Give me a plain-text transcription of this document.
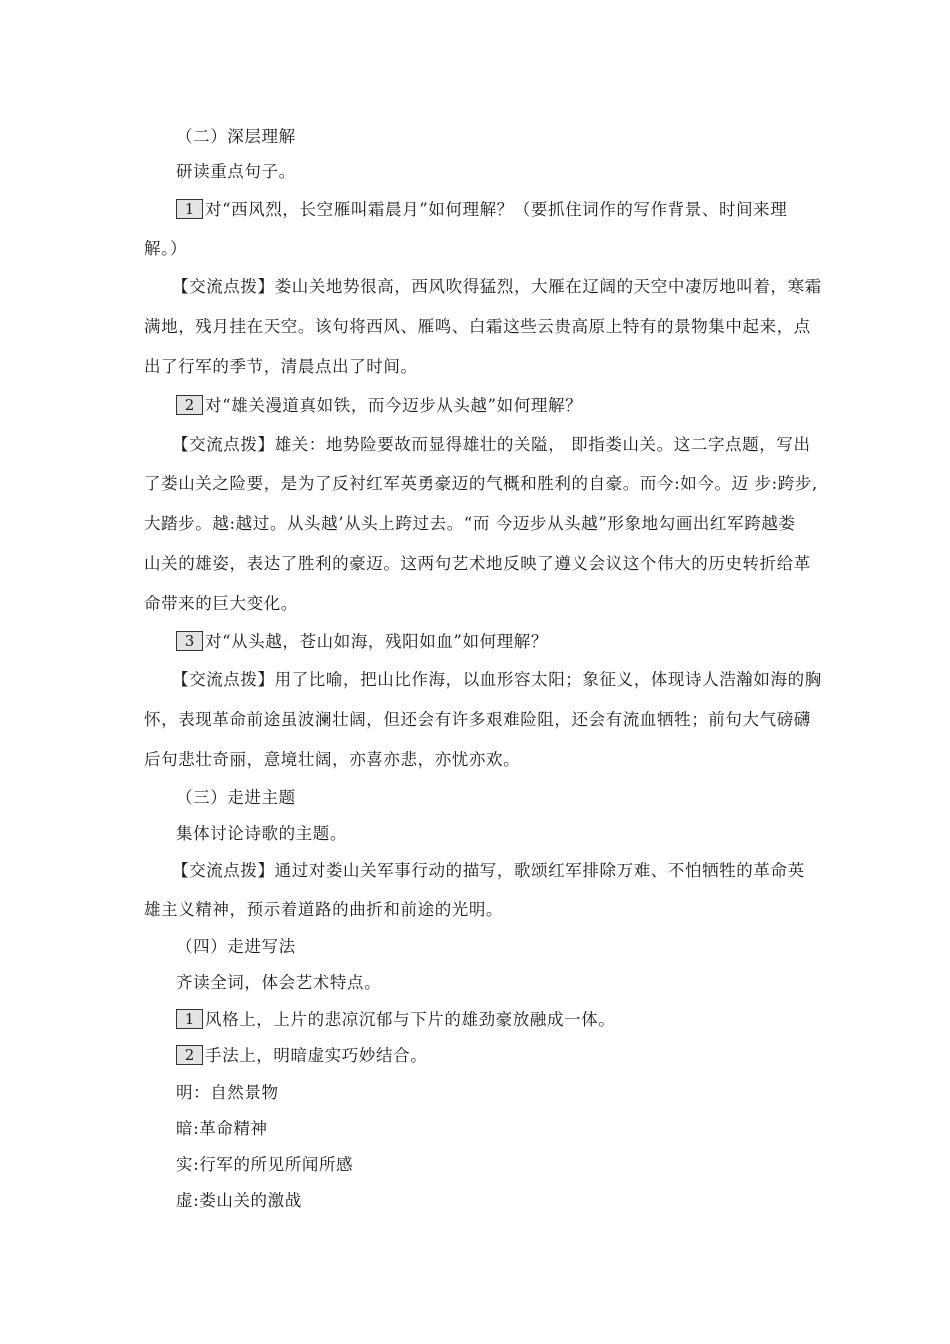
（二）深层理解
研读重点句子。
1 对“西风烈，长空雁叫霜晨月”如何理解？（要抓住词作的写作背景、时间来理
解。）
【交流点拨】娄山关地势很高，西风吹得猛烈，大雁在辽阔的天空中凄厉地叫着，寒霜
满地，残月挂在天空。该句将西风、雁鸣、白霜这些云贵高原上特有的景物集中起来，点
出了行军的季节，清晨点出了时间。
2 对“雄关漫道真如铁，而今迈步从头越”如何理解？
【交流点拨】雄关：地势险要故而显得雄壮的关隘， 即指娄山关。这二字点题，写出
了娄山关之险要，是为了反衬红军英勇豪迈的气概和胜利的自豪。而今:如今。迈 步:跨步,
大踏步。越:越过。从头越’从头上跨过去。“而 今迈步从头越”形象地勾画出红军跨越娄
山关的雄姿，表达了胜利的豪迈。这两句艺术地反映了遵义会议这个伟大的历史转折给革
命带来的巨大变化。
3 对“从头越，苍山如海，残阳如血”如何理解？
【交流点拨】用了比喻，把山比作海，以血形容太阳；象征义，体现诗人浩瀚如海的胸
怀，表现革命前途虽波澜壮阔，但还会有许多艰难险阻，还会有流血牺牲；前句大气磅礴
后句悲壮奇丽，意境壮阔，亦喜亦悲，亦忧亦欢。
（三）走进主题
集体讨论诗歌的主题。
【交流点拨】通过对娄山关军事行动的描写，歌颂红军排除万难、不怕牺牲的革命英
雄主义精神，预示着道路的曲折和前途的光明。
（四）走进写法
齐读全词，体会艺术特点。
1 风格上，上片的悲凉沉郁与下片的雄劲豪放融成一体。
2 手法上，明暗虚实巧妙结合。
明：自然景物
暗:革命精神
实:行军的所见所闻所感
虚:娄山关的激战
